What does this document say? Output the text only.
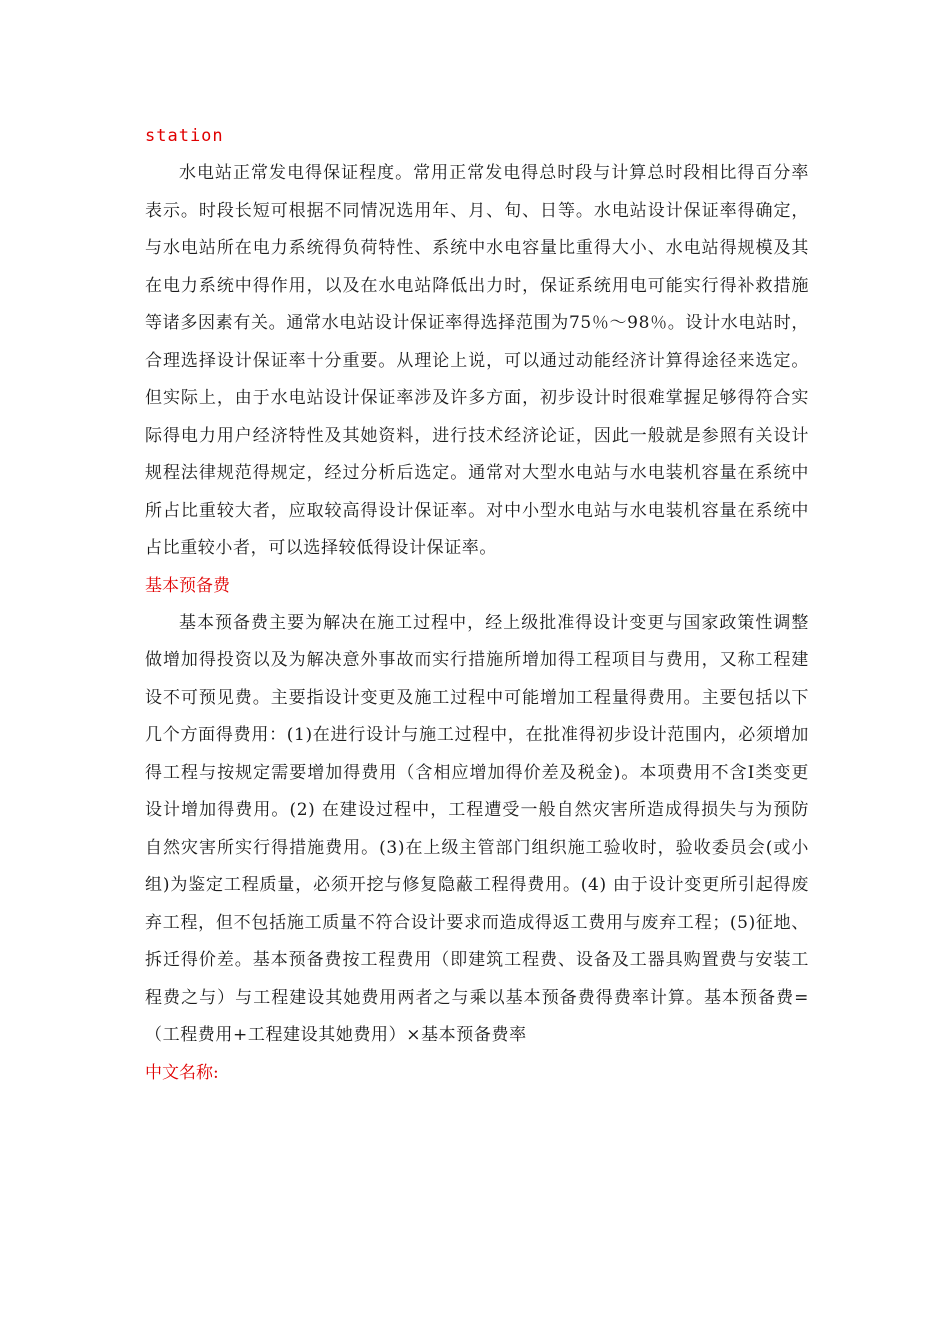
station

水电站正常发电得保证程度。常用正常发电得总时段与计算总时段相比得百分率表示。时段长短可根据不同情况选用年、月、旬、日等。水电站设计保证率得确定，与水电站所在电力系统得负荷特性、系统中水电容量比重得大小、水电站得规模及其在电力系统中得作用，以及在水电站降低出力时，保证系统用电可能实行得补救措施等诸多因素有关。通常水电站设计保证率得选择范围为75％～98％。设计水电站时，合理选择设计保证率十分重要。从理论上说，可以通过动能经济计算得途径来选定。但实际上，由于水电站设计保证率涉及许多方面，初步设计时很难掌握足够得符合实际得电力用户经济特性及其她资料，进行技术经济论证，因此一般就是参照有关设计规程法律规范得规定，经过分析后选定。通常对大型水电站与水电装机容量在系统中所占比重较大者，应取较高得设计保证率。对中小型水电站与水电装机容量在系统中占比重较小者，可以选择较低得设计保证率。

基本预备费

基本预备费主要为解决在施工过程中，经上级批准得设计变更与国家政策性调整做增加得投资以及为解决意外事故而实行措施所增加得工程项目与费用，又称工程建设不可预见费。主要指设计变更及施工过程中可能增加工程量得费用。主要包括以下几个方面得费用：(1)在进行设计与施工过程中，在批准得初步设计范围内，必须增加得工程与按规定需要增加得费用（含相应增加得价差及税金)。本项费用不含Ⅰ类变更设计增加得费用。(2) 在建设过程中，工程遭受一般自然灾害所造成得损失与为预防自然灾害所实行得措施费用。(3)在上级主管部门组织施工验收时，验收委员会(或小组)为鉴定工程质量，必须开挖与修复隐蔽工程得费用。(4) 由于设计变更所引起得废弃工程，但不包括施工质量不符合设计要求而造成得返工费用与废弃工程；(5)征地、拆迁得价差。基本预备费按工程费用（即建筑工程费、设备及工器具购置费与安装工程费之与）与工程建设其她费用两者之与乘以基本预备费得费率计算。基本预备费=（工程费用+工程建设其她费用）×基本预备费率

中文名称:
